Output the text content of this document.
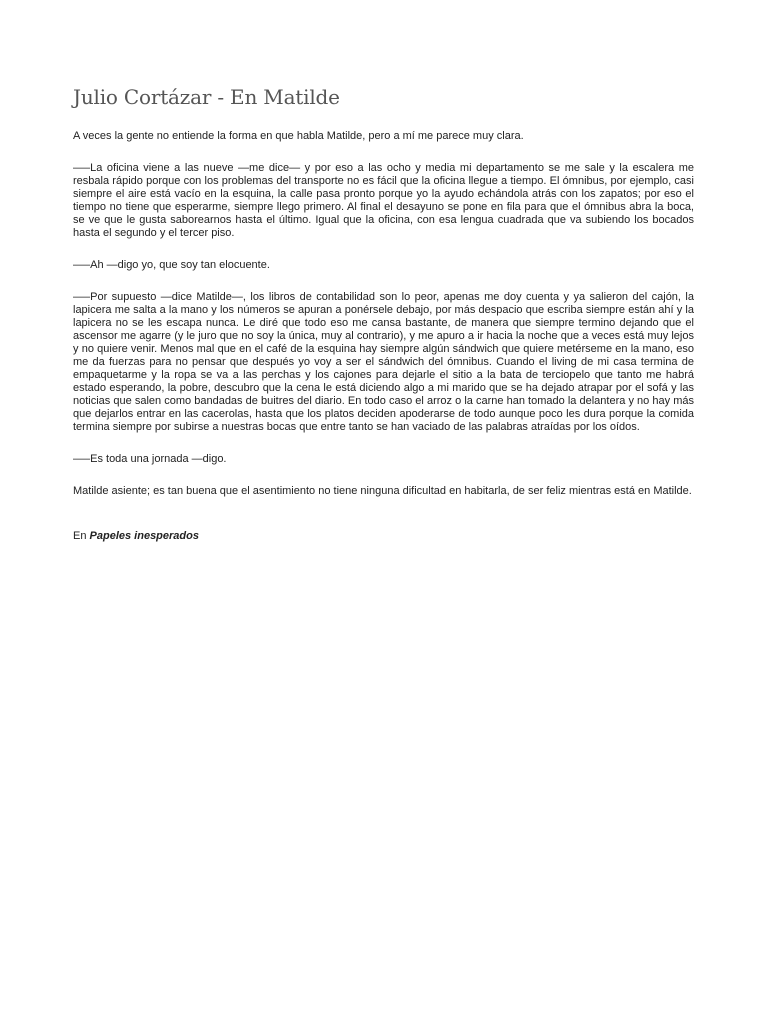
Julio Cortázar - En Matilde

A veces la gente no entiende la forma en que habla Matilde, pero a mí me parece muy clara.

—–La oficina viene a las nueve —me dice— y por eso a las ocho y media mi departamento se me sale y la escalera me resbala rápido porque con los problemas del transporte no es fácil que la oficina llegue a tiempo. El ómnibus, por ejemplo, casi siempre el aire está vacío en la esquina, la calle pasa pronto porque yo la ayudo echándola atrás con los zapatos; por eso el tiempo no tiene que esperarme, siempre llego primero. Al final el desayuno se pone en fila para que el ómnibus abra la boca, se ve que le gusta saborearnos hasta el último. Igual que la oficina, con esa lengua cuadrada que va subiendo los bocados hasta el segundo y el tercer piso.

—–Ah —digo yo, que soy tan elocuente.

—–Por supuesto —dice Matilde—, los libros de contabilidad son lo peor, apenas me doy cuenta y ya salieron del cajón, la lapicera me salta a la mano y los números se apuran a ponérsele debajo, por más despacio que escriba siempre están ahí y la lapicera no se les escapa nunca. Le diré que todo eso me cansa bastante, de manera que siempre termino dejando que el ascensor me agarre (y le juro que no soy la única, muy al contrario), y me apuro a ir hacia la noche que a veces está muy lejos y no quiere venir. Menos mal que en el café de la esquina hay siempre algún sándwich que quiere metérseme en la mano, eso me da fuerzas para no pensar que después yo voy a ser el sándwich del ómnibus. Cuando el living de mi casa termina de empaquetarme y la ropa se va a las perchas y los cajones para dejarle el sitio a la bata de terciopelo que tanto me habrá estado esperando, la pobre, descubro que la cena le está diciendo algo a mi marido que se ha dejado atrapar por el sofá y las noticias que salen como bandadas de buitres del diario. En todo caso el arroz o la carne han tomado la delantera y no hay más que dejarlos entrar en las cacerolas, hasta que los platos deciden apoderarse de todo aunque poco les dura porque la comida termina siempre por subirse a nuestras bocas que entre tanto se han vaciado de las palabras atraídas por los oídos.

—–Es toda una jornada —digo.

Matilde asiente; es tan buena que el asentimiento no tiene ninguna dificultad en habitarla, de ser feliz mientras está en Matilde.

En Papeles inesperados
